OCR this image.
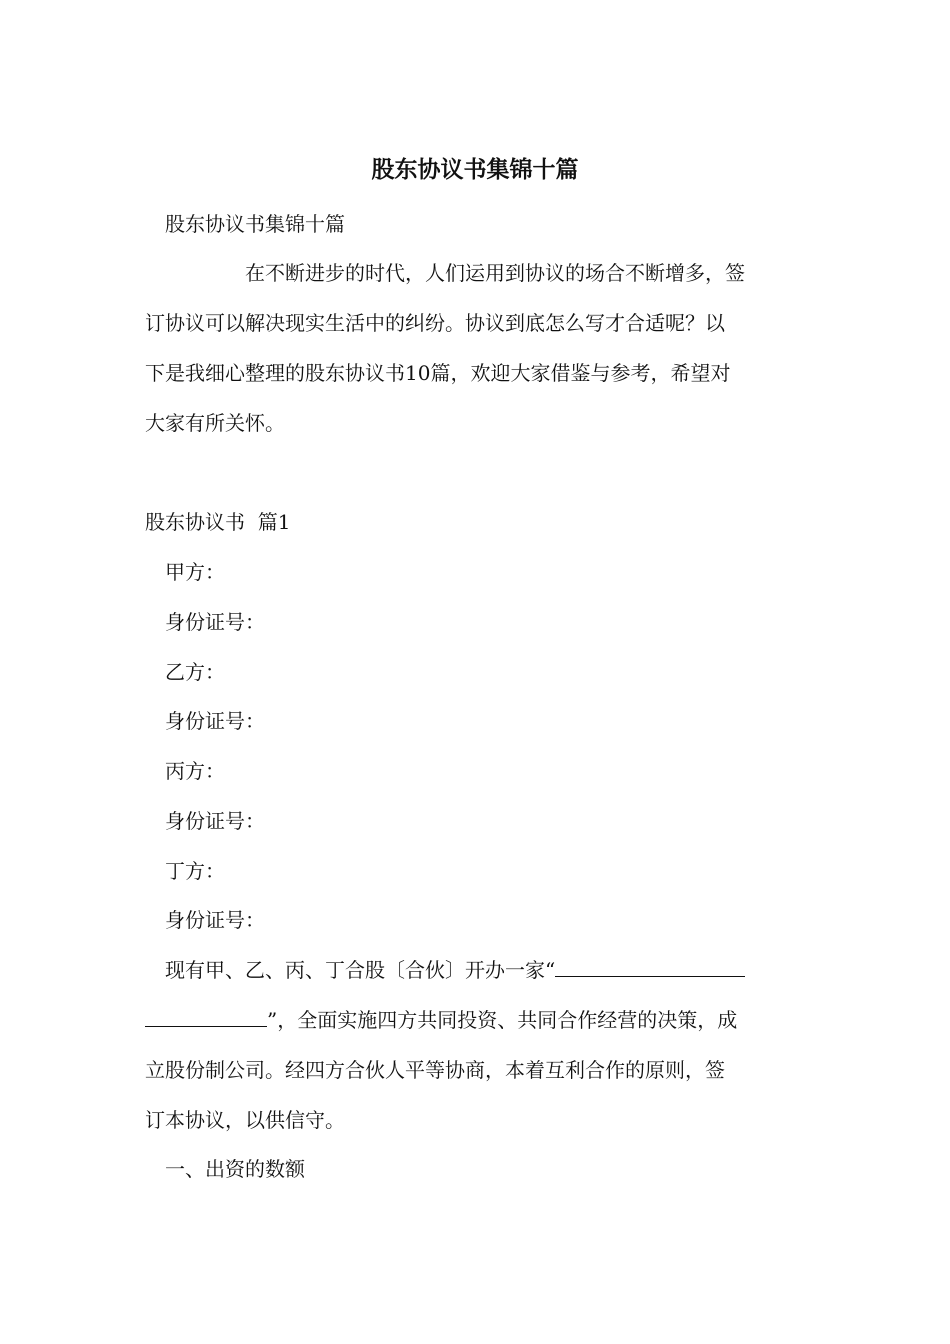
股东协议书集锦十篇
股东协议书集锦十篇
在不断进步的时代，人们运用到协议的场合不断增多，签
订协议可以解决现实生活中的纠纷。协议到底怎么写才合适呢？以
下是我细心整理的股东协议书10篇，欢迎大家借鉴与参考，希望对
大家有所关怀。
股东协议书  篇1
甲方：
身份证号：
乙方：
身份证号：
丙方：
身份证号：
丁方：
身份证号：
现有甲、乙、丙、丁合股〔合伙〕开办一家“
”，全面实施四方共同投资、共同合作经营的决策，成
立股份制公司。经四方合伙人平等协商，本着互利合作的原则，签
订本协议，以供信守。
一、出资的数额
